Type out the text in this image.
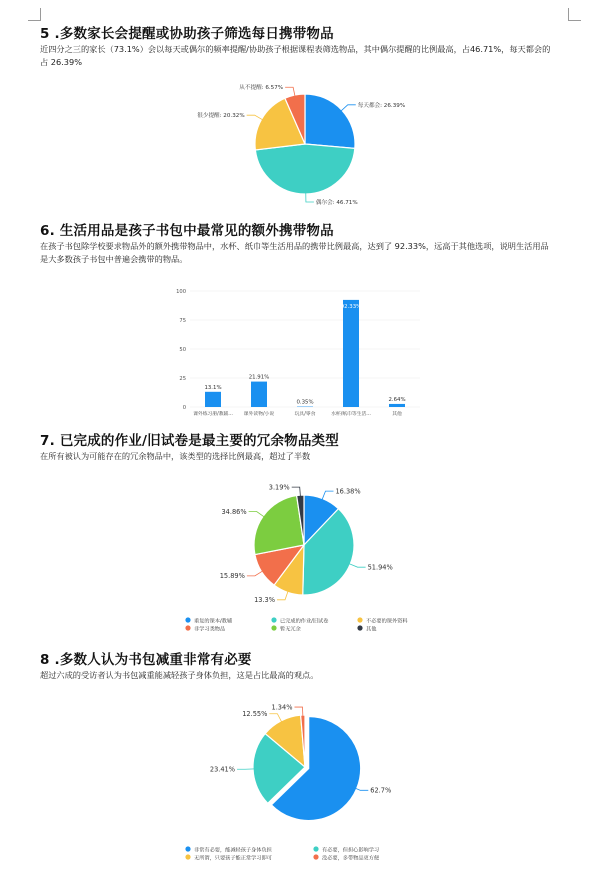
5 .多数家长会提醒或协助孩子筛选每日携带物品

近四分之三的家长（73.1%）会以每天或偶尔的频率提醒/协助孩子根据课程表筛选物品，其中偶尔提醒的比例最高，占46.71%，每天都会的占 26.39%

6. 生活用品是孩子书包中最常见的额外携带物品

在孩子书包除学校要求物品外的额外携带物品中，水杯、纸巾等生活用品的携带比例最高，达到了 92.33%，远高于其他选项，说明生活用品是大多数孩子书包中普遍会携带的物品。

7. 已完成的作业/旧试卷是最主要的冗余物品类型

在所有被认为可能存在的冗余物品中，该类型的选择比例最高，超过了半数

8 .多数人认为书包减重非常有必要

超过六成的受访者认为书包减重能减轻孩子身体负担，这是占比最高的观点。

每天都会: 26.39%
偶尔会: 46.71%
很少提醒: 20.32%
从不提醒: 6.57%
0
25
50
75
100
13.1%
课外练习册/教辅...
21.91%
课外读物/小说
0.35%
玩具/零食
92.33%
水杯/纸巾等生活...
2.64%
其他
16.38%
51.94%
13.3%
15.89%
34.86%
3.19%
重复的课本/教辅	已完成的作业/旧试卷	不必要的课外资料
非学习类物品	暂无冗余	其他
62.7%
23.41%
12.55%
1.34%
非常有必要，能减轻孩子身体负担	有必要，但担心影响学习
无所谓，只要孩子能正常学习即可	没必要，多带物品更方便
